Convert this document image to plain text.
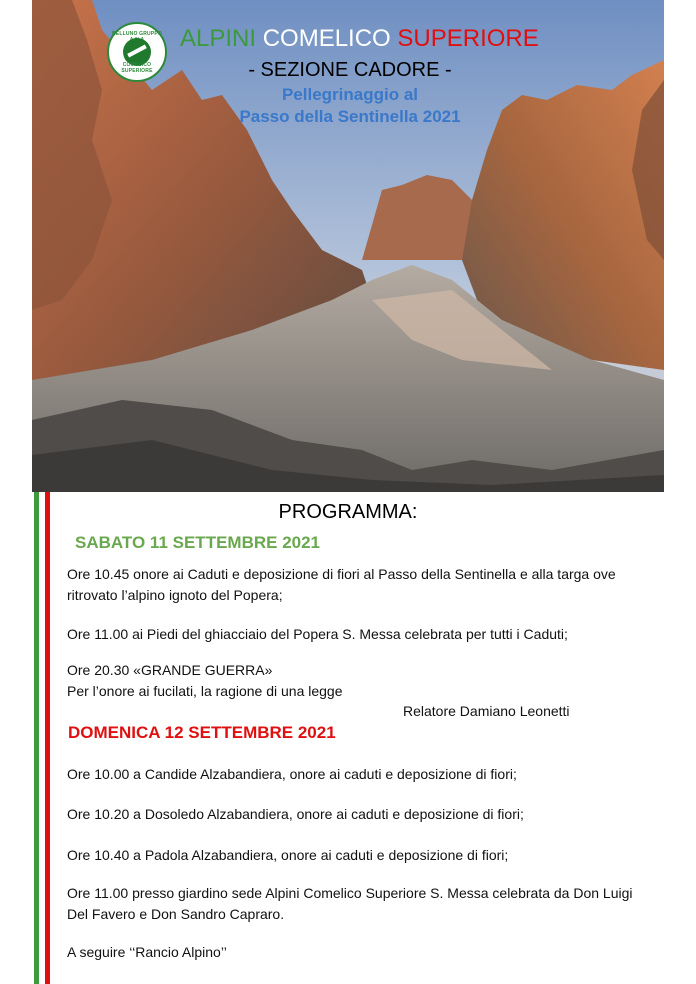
BELLUNO GRUPPO
COMELICO SUPERIORE
ALPINI COMELICO SUPERIORE
- SEZIONE CADORE -
Pellegrinaggio al
Passo della Sentinella 2021
PROGRAMMA:
SABATO 11 SETTEMBRE 2021
Ore 10.45 onore ai Caduti e deposizione di fiori al Passo della Sentinella e alla targa ove
ritrovato l’alpino ignoto del Popera;
Ore 11.00 ai Piedi del ghiacciaio del Popera S. Messa celebrata per tutti i Caduti;
Ore 20.30 «GRANDE GUERRA»
Per l’onore ai fucilati, la ragione di una legge
Relatore Damiano Leonetti
DOMENICA 12 SETTEMBRE 2021
Ore 10.00 a Candide Alzabandiera, onore ai caduti e deposizione di fiori;
Ore 10.20 a Dosoledo Alzabandiera, onore ai caduti e deposizione di fiori;
Ore 10.40 a Padola Alzabandiera, onore ai caduti e deposizione di fiori;
Ore 11.00 presso giardino sede Alpini Comelico Superiore S. Messa celebrata da Don Luigi
Del Favero e Don Sandro Capraro.
A seguire ‘‘Rancio Alpino’’
